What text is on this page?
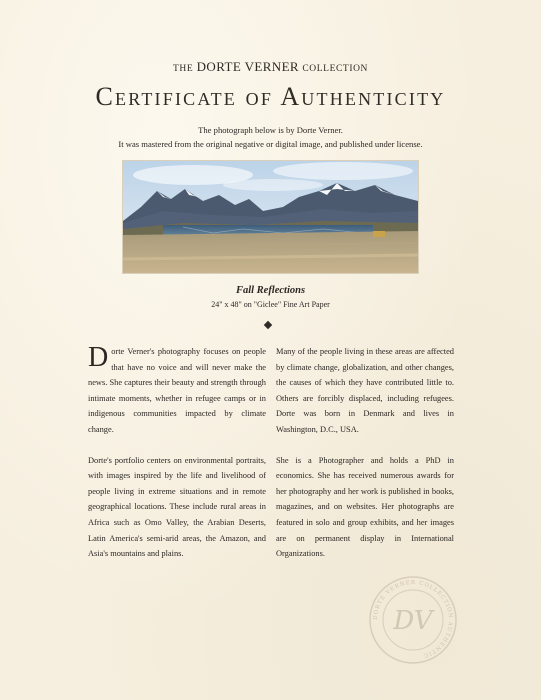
THE DORTE VERNER COLLECTION
Certificate of Authenticity
The photograph below is by Dorte Verner.
It was mastered from the original negative or digital image, and published under license.
Fall Reflections
24" x 48" on "Giclee" Fine Art Paper

Dorte Verner's photography focuses on people that have no voice and will never make the news. She captures their beauty and strength through intimate moments, whether in refugee camps or in indigenous communities impacted by climate change.

Dorte's portfolio centers on environmental portraits, with images inspired by the life and livelihood of people living in extreme situations and in remote geographical locations. These include rural areas in Africa such as Omo Valley, the Arabian Deserts, Latin America's semi-arid areas, the Amazon, and Asia's mountains and plains.

Many of the people living in these areas are affected by climate change, globalization, and other changes, the causes of which they have contributed little to. Others are forcibly displaced, including refugees. Dorte was born in Denmark and lives in Washington, D.C., USA.

She is a Photographer and holds a PhD in economics. She has received numerous awards for her photography and her work is published in books, magazines, and on websites. Her photographs are featured in solo and group exhibits, and her images are on permanent display in International Organizations.

DORTE VERNER COLLECTION AUTHENTIC
DV
